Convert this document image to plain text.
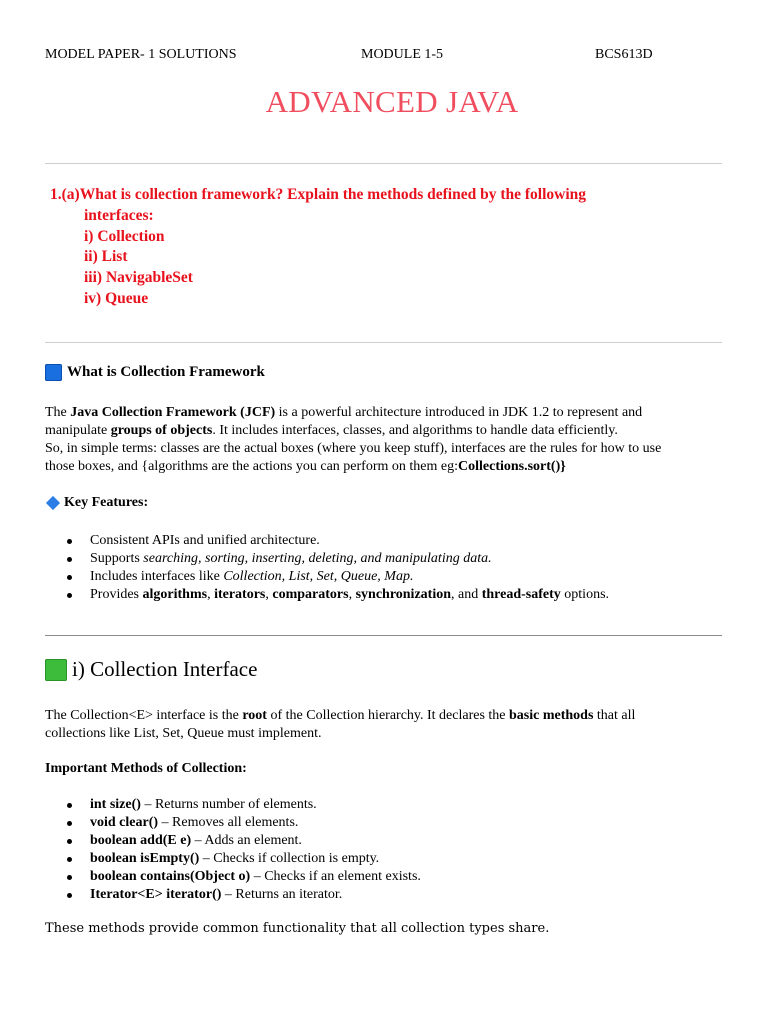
MODEL PAPER- 1 SOLUTIONS	MODULE 1-5	BCS613D
ADVANCED JAVA
1.(a)What is collection framework? Explain the methods defined by the following
interfaces:
i) Collection
ii) List
iii) NavigableSet
iv) Queue
What is Collection Framework
The Java Collection Framework (JCF) is a powerful architecture introduced in JDK 1.2 to represent and
manipulate groups of objects. It includes interfaces, classes, and algorithms to handle data efficiently.
So, in simple terms: classes are the actual boxes (where you keep stuff), interfaces are the rules for how to use
those boxes, and {algorithms are the actions you can perform on them eg:Collections.sort()}
Key Features:
Consistent APIs and unified architecture.
Supports searching, sorting, inserting, deleting, and manipulating data.
Includes interfaces like Collection, List, Set, Queue, Map.
Provides algorithms, iterators, comparators, synchronization, and thread-safety options.
i) Collection Interface
The Collection<E> interface is the root of the Collection hierarchy. It declares the basic methods that all
collections like List, Set, Queue must implement.
Important Methods of Collection:
int size() – Returns number of elements.
void clear() – Removes all elements.
boolean add(E e) – Adds an element.
boolean isEmpty() – Checks if collection is empty.
boolean contains(Object o) – Checks if an element exists.
Iterator<E> iterator() – Returns an iterator.
These methods provide common functionality that all collection types share.
